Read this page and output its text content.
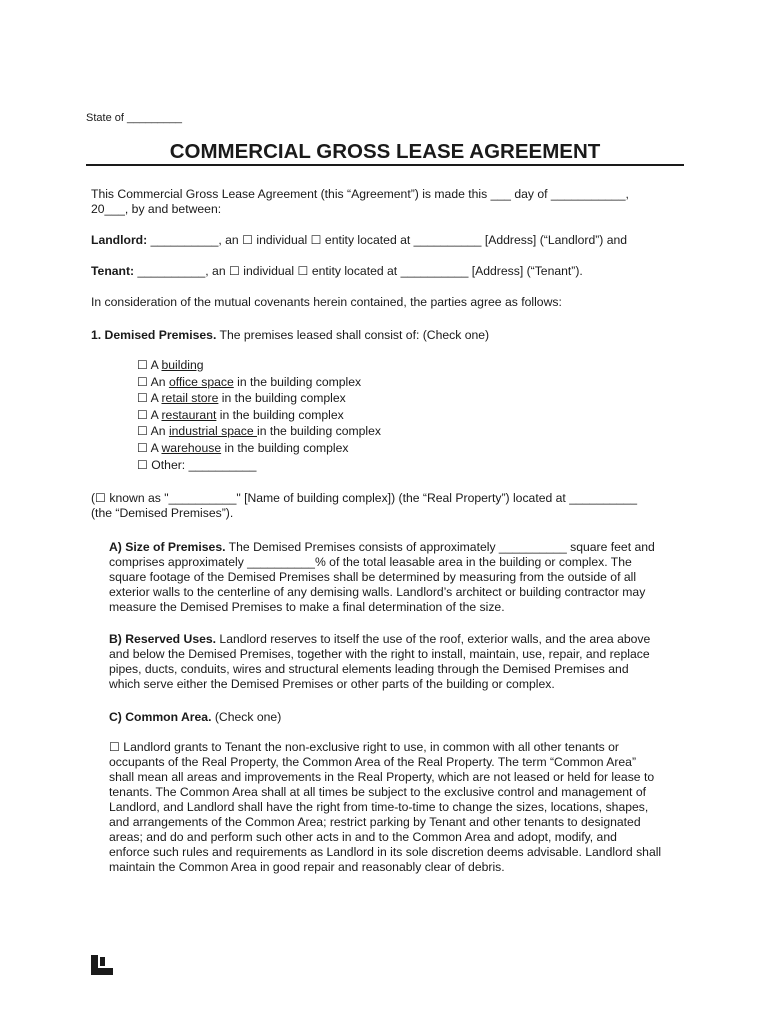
State of _________
COMMERCIAL GROSS LEASE AGREEMENT
This Commercial Gross Lease Agreement (this “Agreement”) is made this ___ day of ___________,
20___, by and between:
Landlord: __________, an ☐ individual ☐ entity located at __________ [Address] (“Landlord”) and
Tenant: __________, an ☐ individual ☐ entity located at __________ [Address] (“Tenant”).
In consideration of the mutual covenants herein contained, the parties agree as follows:
1. Demised Premises. The premises leased shall consist of: (Check one)
☐ A building
☐ An office space in the building complex
☐ A retail store in the building complex
☐ A restaurant in the building complex
☐ An industrial space in the building complex
☐ A warehouse in the building complex
☐ Other: __________
(☐ known as "__________" [Name of building complex]) (the “Real Property”) located at __________
(the “Demised Premises”).
A) Size of Premises. The Demised Premises consists of approximately __________ square feet and
comprises approximately __________% of the total leasable area in the building or complex. The
square footage of the Demised Premises shall be determined by measuring from the outside of all
exterior walls to the centerline of any demising walls. Landlord’s architect or building contractor may
measure the Demised Premises to make a final determination of the size.
B) Reserved Uses. Landlord reserves to itself the use of the roof, exterior walls, and the area above
and below the Demised Premises, together with the right to install, maintain, use, repair, and replace
pipes, ducts, conduits, wires and structural elements leading through the Demised Premises and
which serve either the Demised Premises or other parts of the building or complex.
C) Common Area. (Check one)
☐ Landlord grants to Tenant the non-exclusive right to use, in common with all other tenants or
occupants of the Real Property, the Common Area of the Real Property. The term “Common Area”
shall mean all areas and improvements in the Real Property, which are not leased or held for lease to
tenants. The Common Area shall at all times be subject to the exclusive control and management of
Landlord, and Landlord shall have the right from time-to-time to change the sizes, locations, shapes,
and arrangements of the Common Area; restrict parking by Tenant and other tenants to designated
areas; and do and perform such other acts in and to the Common Area and adopt, modify, and
enforce such rules and requirements as Landlord in its sole discretion deems advisable. Landlord shall
maintain the Common Area in good repair and reasonably clear of debris.
